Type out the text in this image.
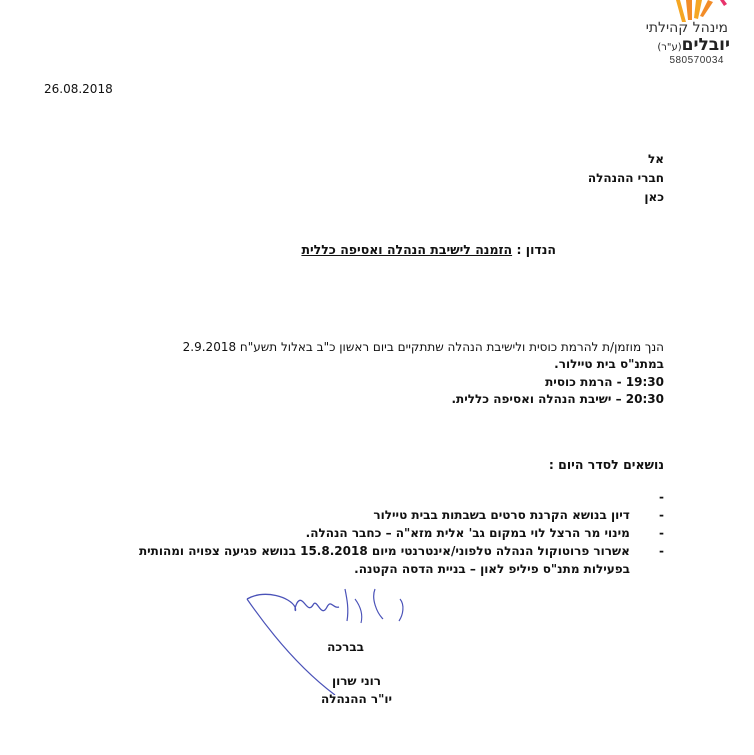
מינהל קהילתי
יובלים(ע"ר)
580570034
26.08.2018
אל
חברי ההנהלה
כאן
הנדון : הזמנה לישיבת הנהלה ואסיפה כללית
הנך מוזמן/ת להרמת כוסית ולישיבת הנהלה שתתקיים ביום ראשון כ"ב באלול תשע"ח 2.9.2018
במתנ"ס בית טיילור.
19:30 - הרמת כוסית
20:30 – ישיבת הנהלה ואסיפה כללית.
נושאים לסדר היום :
-
- דיון בנושא הקרנת סרטים בשבתות בבית טיילור
- מינוי מר הרצל לוי במקום גב' אלית מזא"ה – כחבר הנהלה.
- אשרור פרוטוקול הנהלה טלפוני/אינטרנטי מיום 15.8.2018 בנושא פגיעה צפויה ומהותית
בפעילות מתנ"ס פיליפ לאון – בניית הדסה הקטנה.
בברכה
רוני שרון
יו"ר ההנהלה
